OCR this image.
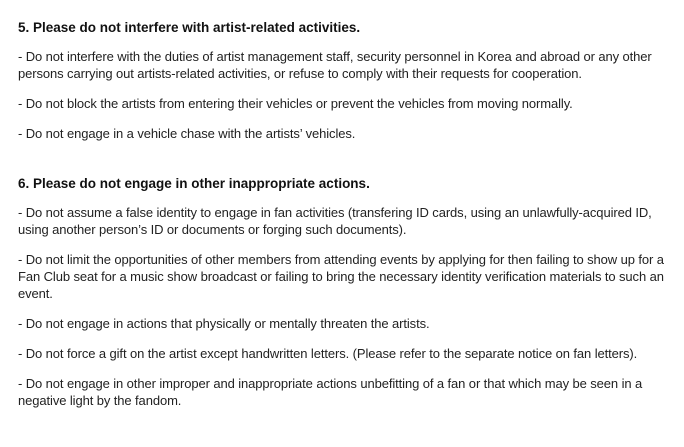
5. Please do not interfere with artist-related activities.

- Do not interfere with the duties of artist management staff, security personnel in Korea and abroad or any other persons carrying out artists-related activities, or refuse to comply with their requests for cooperation.

- Do not block the artists from entering their vehicles or prevent the vehicles from moving normally.

- Do not engage in a vehicle chase with the artists’ vehicles.

6. Please do not engage in other inappropriate actions.

- Do not assume a false identity to engage in fan activities (transfering ID cards, using an unlawfully-acquired ID, using another person’s ID or documents or forging such documents).

- Do not limit the opportunities of other members from attending events by applying for then failing to show up for a Fan Club seat for a music show broadcast or failing to bring the necessary identity verification materials to such an event.

- Do not engage in actions that physically or mentally threaten the artists.

- Do not force a gift on the artist except handwritten letters. (Please refer to the separate notice on fan letters).

- Do not engage in other improper and inappropriate actions unbefitting of a fan or that which may be seen in a negative light by the fandom.
